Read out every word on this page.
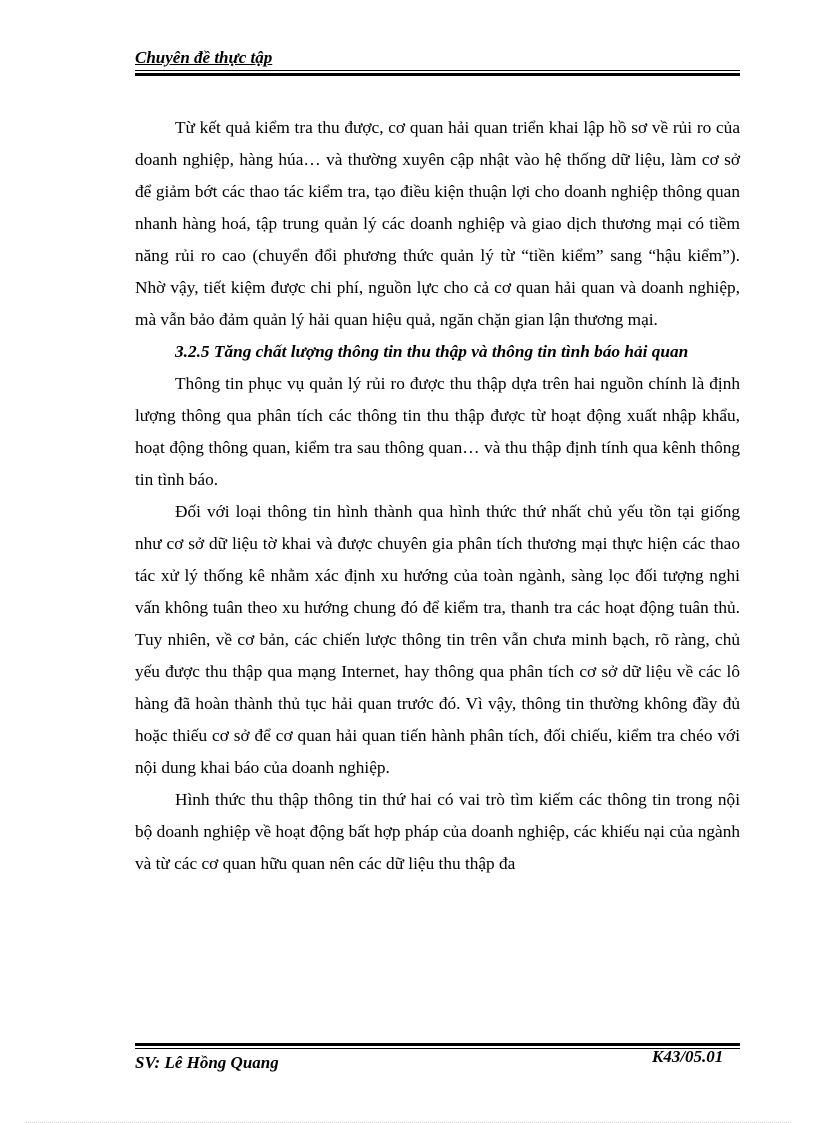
Chuyên đề thực tập

Từ kết quả kiểm tra thu được, cơ quan hải quan triển khai lập hồ sơ về rủi ro của doanh nghiệp, hàng húa… và thường xuyên cập nhật vào hệ thống dữ liệu, làm cơ sở để giảm bớt các thao tác kiểm tra, tạo điều kiện thuận lợi cho doanh nghiệp thông quan nhanh hàng hoá, tập trung quản lý các doanh nghiệp và giao dịch thương mại có tiềm năng rủi ro cao (chuyển đổi phương thức quản lý từ “tiền kiểm” sang “hậu kiểm”). Nhờ vậy, tiết kiệm được chi phí, nguồn lực cho cả cơ quan hải quan và doanh nghiệp, mà vẫn bảo đảm quản lý hải quan hiệu quả, ngăn chặn gian lận thương mại.

3.2.5 Tăng chất lượng thông tin thu thập và thông tin tình báo hải quan

Thông tin phục vụ quản lý rủi ro được thu thập dựa trên hai nguồn chính là định lượng thông qua phân tích các thông tin thu thập được từ hoạt động xuất nhập khẩu, hoạt động thông quan, kiểm tra sau thông quan… và thu thập định tính qua kênh thông tin tình báo.

Đối với loại thông tin hình thành qua hình thức thứ nhất chủ yếu tồn tại giống như cơ sở dữ liệu tờ khai và được chuyên gia phân tích thương mại thực hiện các thao tác xử lý thống kê nhằm xác định xu hướng của toàn ngành, sàng lọc đối tượng nghi vấn không tuân theo xu hướng chung đó để kiểm tra, thanh tra các hoạt động tuân thủ. Tuy nhiên, về cơ bản, các chiến lược thông tin trên vẫn chưa minh bạch, rõ ràng, chủ yếu được thu thập qua mạng Internet, hay thông qua phân tích cơ sở dữ liệu về các lô hàng đã hoàn thành thủ tục hải quan trước đó. Vì vậy, thông tin thường không đầy đủ hoặc thiếu cơ sở để cơ quan hải quan tiến hành phân tích, đối chiếu, kiểm tra chéo với nội dung khai báo của doanh nghiệp.

Hình thức thu thập thông tin thứ hai có vai trò tìm kiếm các thông tin trong nội bộ doanh nghiệp về hoạt động bất hợp pháp của doanh nghiệp, các khiếu nại của ngành và từ các cơ quan hữu quan nên các dữ liệu thu thập đa

SV: Lê Hồng Quang	K43/05.01
